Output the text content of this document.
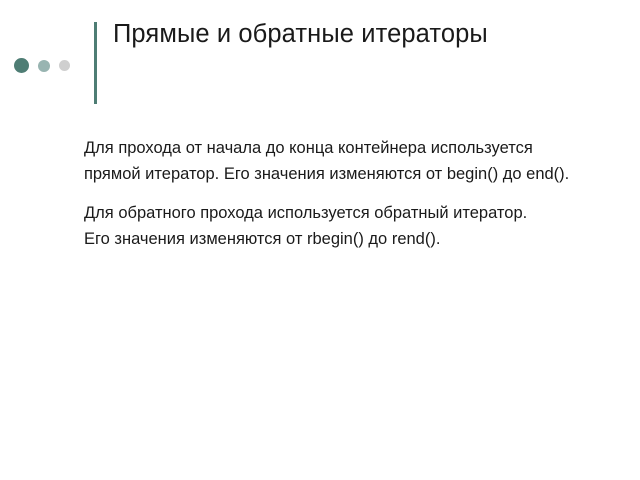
Прямые и обратные итераторы

Для прохода от начала до конца контейнера используется прямой итератор. Его значения изменяются от begin() до end().

Для обратного прохода используется обратный итератор. Его значения изменяются от rbegin() до rend().
